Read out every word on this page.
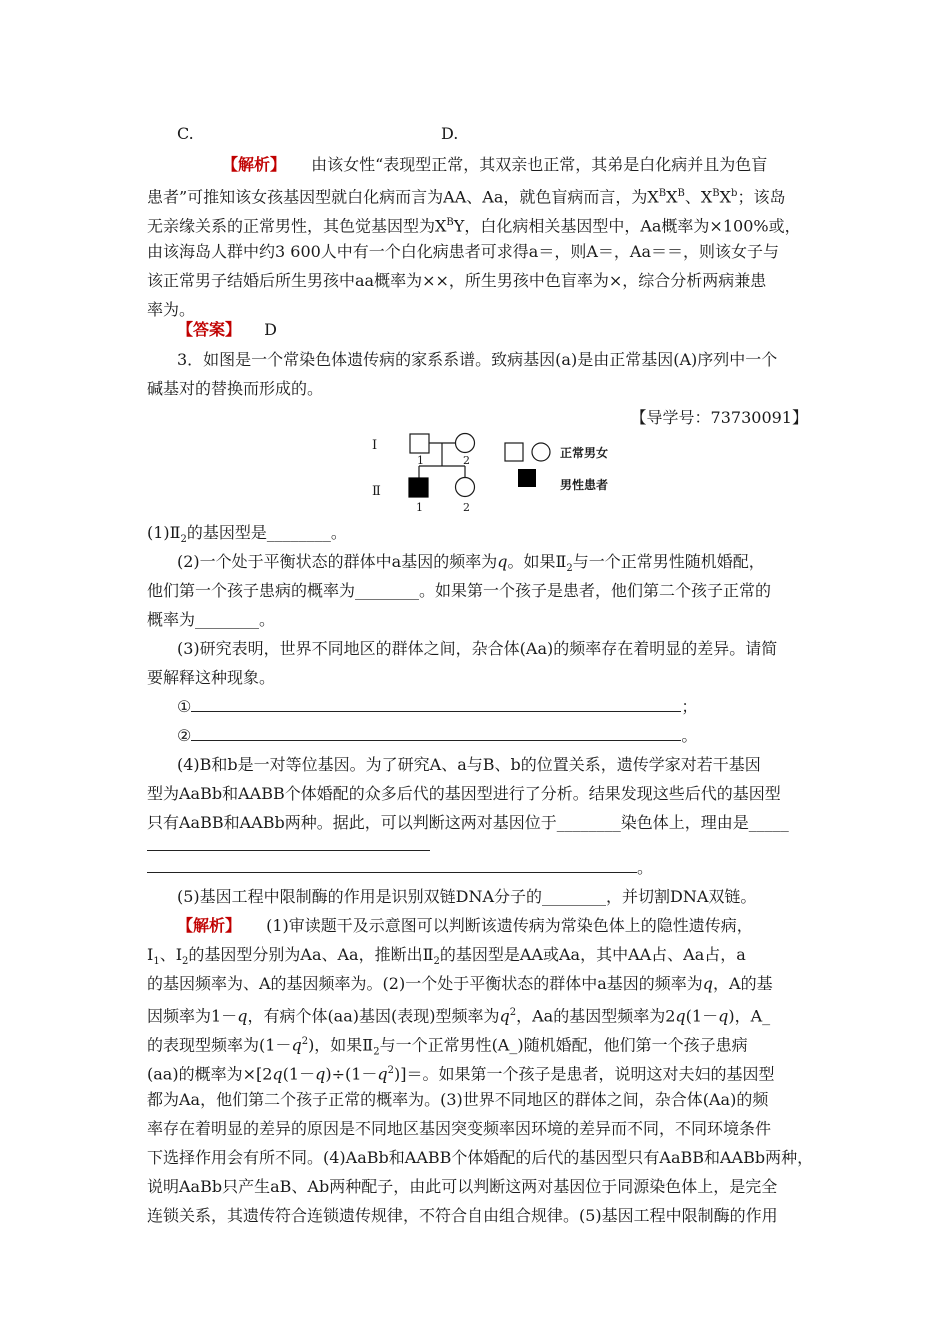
C.	D.
【解析】 由该女性“表现型正常，其双亲也正常，其弟是白化病并且为色盲
患者”可推知该女孩基因型就白化病而言为AA、Aa，就色盲病而言，为$X^BX^B$、$X^BX^b$；该岛
无亲缘关系的正常男性，其色觉基因型为$X^BY$，白化病相关基因型中，Aa概率为×100%或，
由该海岛人群中约3 600人中有一个白化病患者可求得a＝，则A＝，Aa＝＝，则该女子与
该正常男子结婚后所生男孩中aa概率为××，所生男孩中色盲率为×，综合分析两病兼患
率为。
【答案】 D
3．如图是一个常染色体遗传病的家系系谱。致病基因(a)是由正常基因(A)序列中一个
碱基对的替换而形成的。
【导学号：73730091】
Ⅰ
Ⅱ
1	2
1	2
正常男女
男性患者
$(1)Ⅱ_2$的基因型是________。
(2)一个处于平衡状态的群体中a基因的频率为q。如果$Ⅱ_2$与一个正常男性随机婚配，
他们第一个孩子患病的概率为________。如果第一个孩子是患者，他们第二个孩子正常的
概率为________。
(3)研究表明，世界不同地区的群体之间，杂合体(Aa)的频率存在着明显的差异。请简
要解释这种现象。
①	；
②	。
(4)B和b是一对等位基因。为了研究A、a与B、b的位置关系，遗传学家对若干基因
型为AaBb和AABB个体婚配的众多后代的基因型进行了分析。结果发现这些后代的基因型
只有AaBB和AABb两种。据此，可以判断这两对基因位于________染色体上，理由是_____
。
(5)基因工程中限制酶的作用是识别双链DNA分子的________，并切割DNA双链。
【解析】 (1)审读题干及示意图可以判断该遗传病为常染色体上的隐性遗传病，
$Ⅰ_1$、$Ⅰ_2$的基因型分别为Aa、Aa，推断出$Ⅱ_2$的基因型是AA或Aa，其中AA占、Aa占，a
的基因频率为、A的基因频率为。(2)一个处于平衡状态的群体中a基因的频率为q，A的基
因频率为1－q，有病个体(aa)基因(表现)型频率为$q^2$，Aa的基因型频率为2q(1－q)，A_
的表现型频率为$(1-q^2)$，如果$Ⅱ_2$与一个正常男性(A_)随机婚配，他们第一个孩子患病
(aa)的概率为$\times[2q(1-q)\div(1-q^2)]=$。如果第一个孩子是患者，说明这对夫妇的基因型
都为Aa，他们第二个孩子正常的概率为。(3)世界不同地区的群体之间，杂合体(Aa)的频
率存在着明显的差异的原因是不同地区基因突变频率因环境的差异而不同，不同环境条件
下选择作用会有所不同。(4)AaBb和AABB个体婚配的后代的基因型只有AaBB和AABb两种，
说明AaBb只产生aB、Ab两种配子，由此可以判断这两对基因位于同源染色体上，是完全
连锁关系，其遗传符合连锁遗传规律，不符合自由组合规律。(5)基因工程中限制酶的作用
